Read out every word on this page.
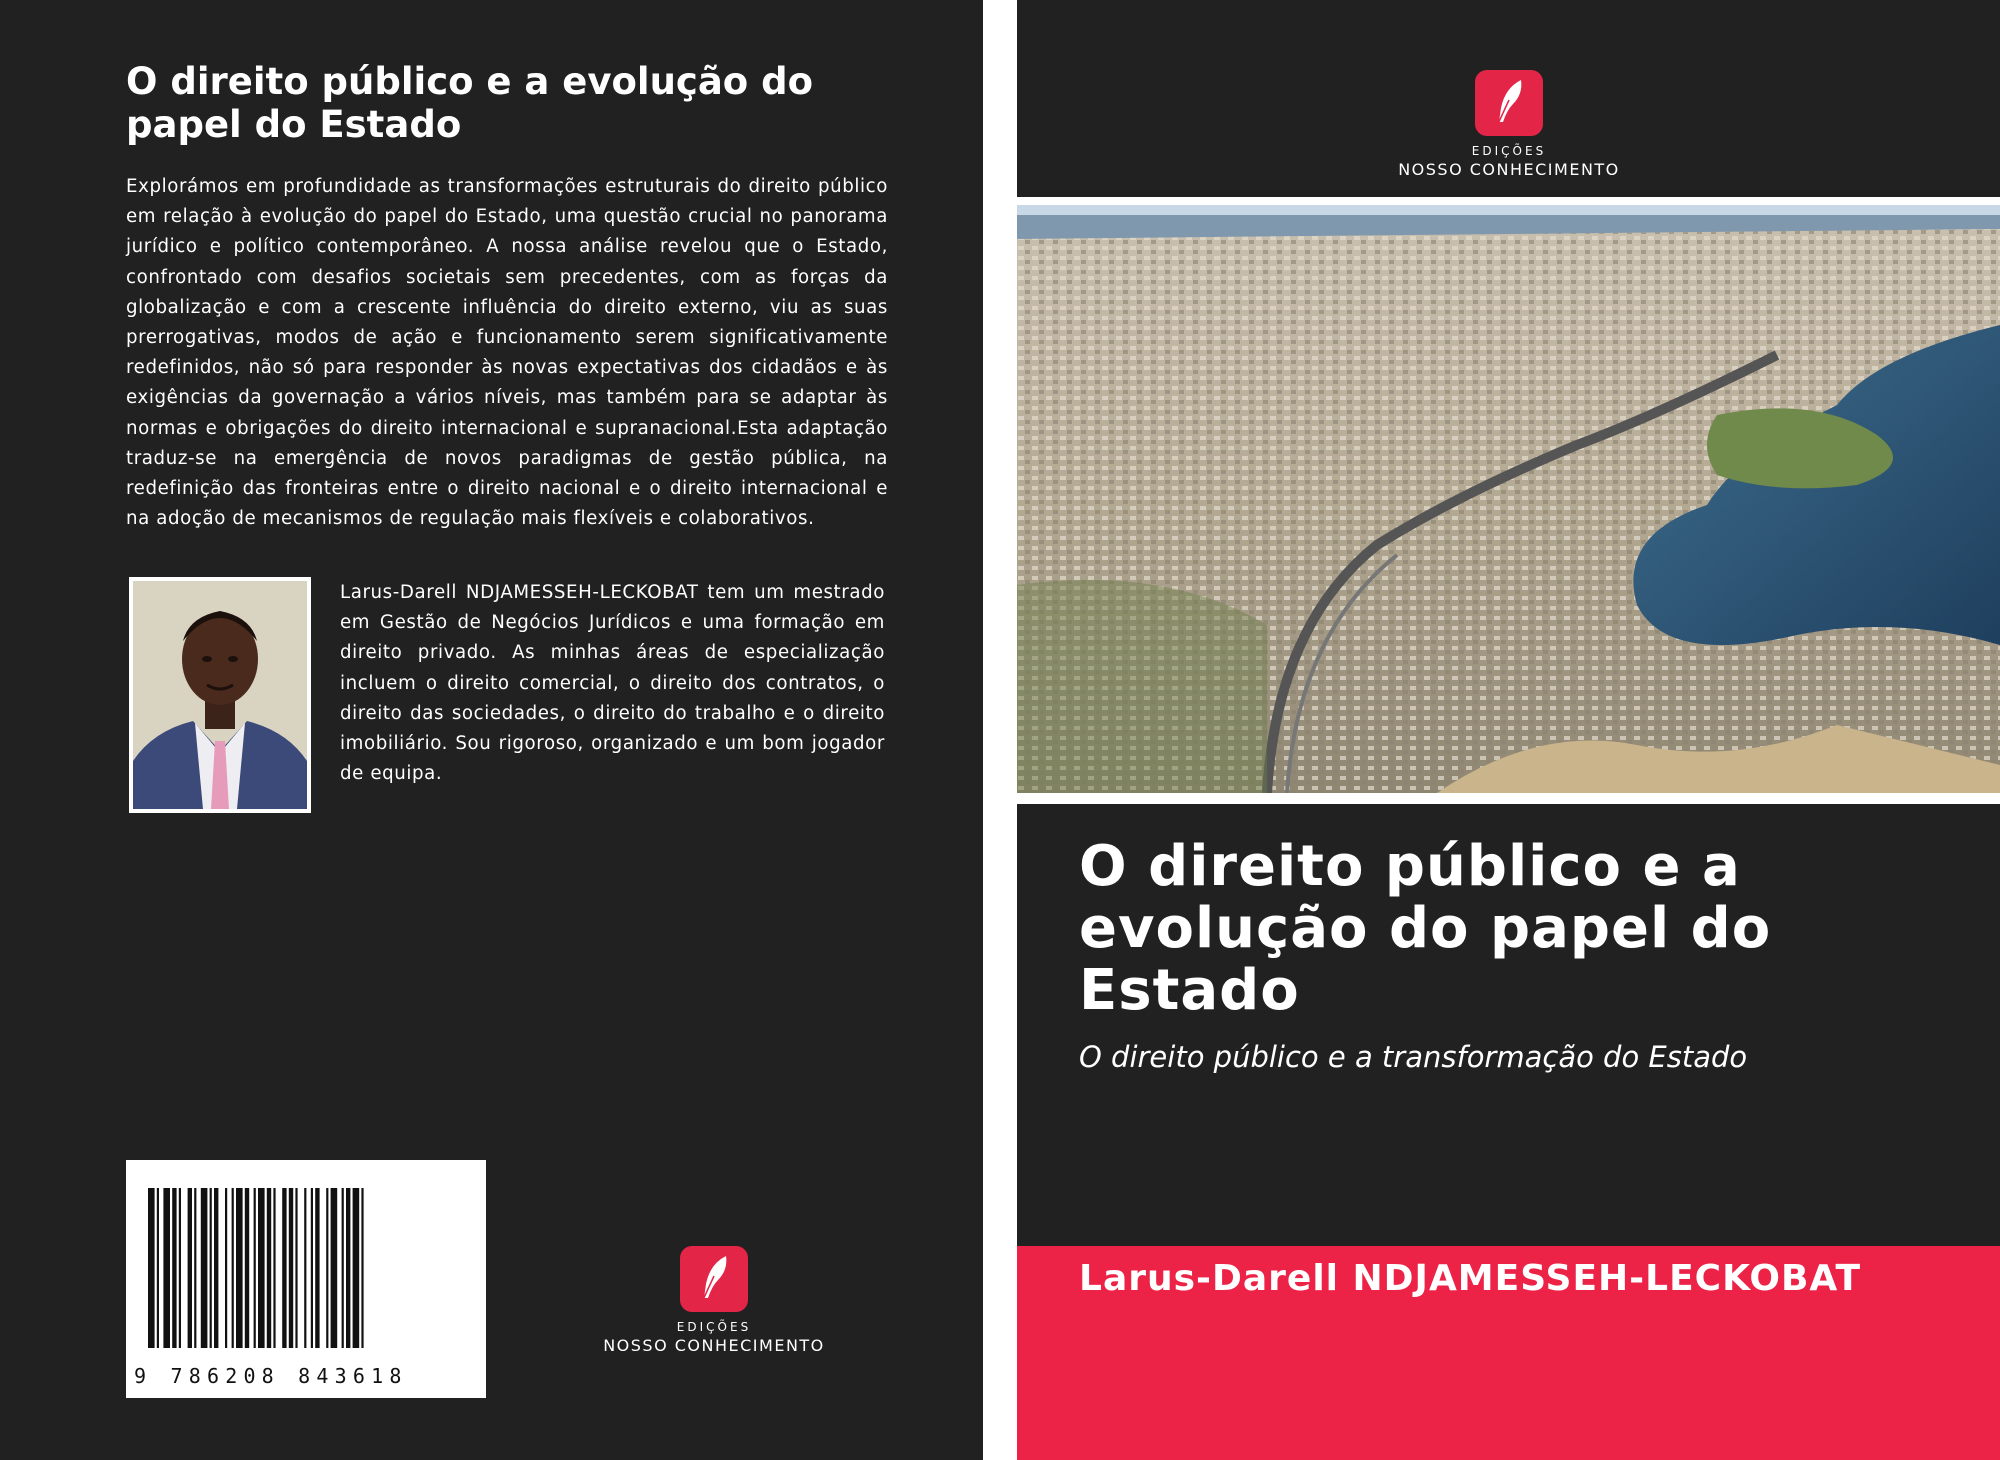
O direito público e a evolução do papel do Estado

Explorámos em profundidade as transformações estruturais do direito público em relação à evolução do papel do Estado, uma questão crucial no panorama jurídico e político contemporâneo. A nossa análise revelou que o Estado, confrontado com desafios societais sem precedentes, com as forças da globalização e com a crescente influência do direito externo, viu as suas prerrogativas, modos de ação e funcionamento serem significativamente redefinidos, não só para responder às novas expectativas dos cidadãos e às exigências da governação a vários níveis, mas também para se adaptar às normas e obrigações do direito internacional e supranacional.Esta adaptação traduz-se na emergência de novos paradigmas de gestão pública, na redefinição das fronteiras entre o direito nacional e o direito internacional e na adoção de mecanismos de regulação mais flexíveis e colaborativos.

Larus-Darell NDJAMESSEH-LECKOBAT tem um mestrado em Gestão de Negócios Jurídicos e uma formação em direito privado. As minhas áreas de especialização incluem o direito comercial, o direito dos contratos, o direito das sociedades, o direito do trabalho e o direito imobiliário. Sou rigoroso, organizado e um bom jogador de equipa.

9 786208 843618
EDIÇÕES
NOSSO CONHECIMENTO
EDIÇÕES
NOSSO CONHECIMENTO
O direito público e a evolução do papel do Estado

O direito público e a transformação do Estado

Larus-Darell NDJAMESSEH-LECKOBAT
